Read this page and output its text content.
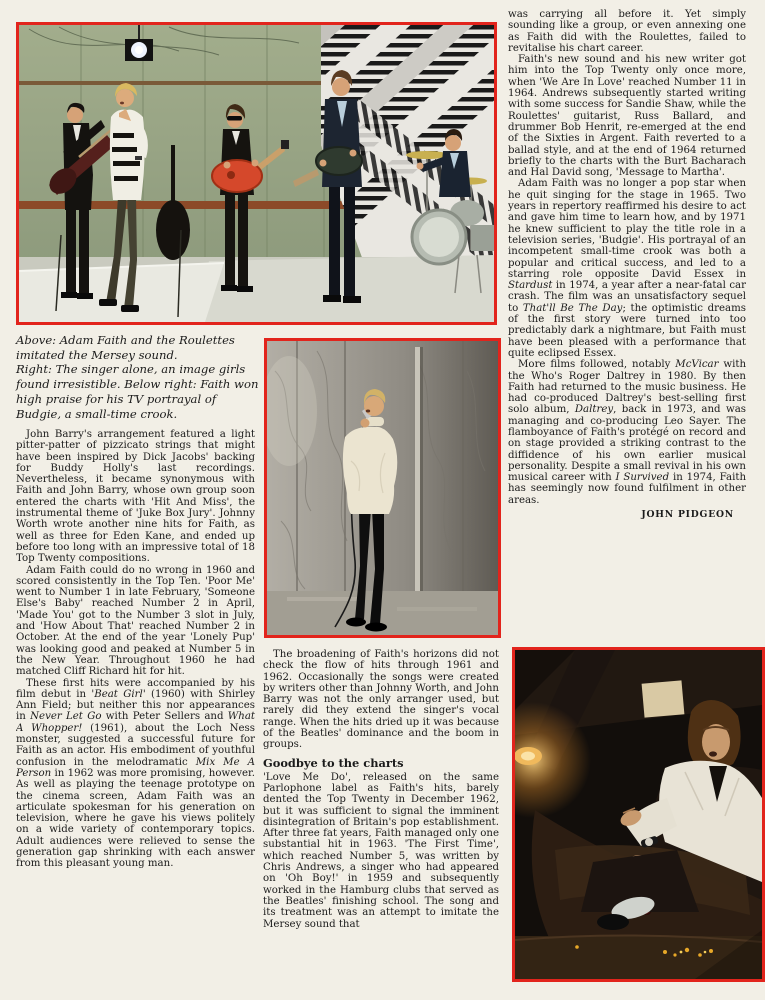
Above: Adam Faith and the Roulettes imitated the Mersey sound.

Right: The singer alone, an image girls found irresistible. Below right: Faith won high praise for his TV portrayal of Budgie, a small-time crook.

John Barry's arrangement featured a light pitter-patter of pizzicato strings that might have been inspired by Dick Jacobs' backing for Buddy Holly's last recordings. Nevertheless, it became synonymous with Faith and John Barry, whose own group soon entered the charts with 'Hit And Miss', the instrumental theme of 'Juke Box Jury'. Johnny Worth wrote another nine hits for Faith, as well as three for Eden Kane, and ended up before too long with an impressive total of 18 Top Twenty compositions.

Adam Faith could do no wrong in 1960 and scored consistently in the Top Ten. 'Poor Me' went to Number 1 in late February, 'Someone Else's Baby' reached Number 2 in April, 'Made You' got to the Number 3 slot in July, and 'How About That' reached Number 2 in October. At the end of the year 'Lonely Pup' was looking good and peaked at Number 5 in the New Year. Throughout 1960 he had matched Cliff Richard hit for hit.

These first hits were accompanied by his film debut in 'Beat Girl' (1960) with Shirley Ann Field; but neither this nor appearances in Never Let Go with Peter Sellers and What A Whopper! (1961), about the Loch Ness monster, suggested a successful future for Faith as an actor. His embodiment of youthful confusion in the melodramatic Mix Me A Person in 1962 was more promising, however. As well as playing the teenage prototype on the cinema screen, Adam Faith was an articulate spokesman for his generation on television, where he gave his views politely on a wide variety of contemporary topics. Adult audiences were relieved to sense the generation gap shrinking with each answer from this pleasant young man.

The broadening of Faith's horizons did not check the flow of hits through 1961 and 1962. Occasionally the songs were created by writers other than Johnny Worth, and John Barry was not the only arranger used, but rarely did they extend the singer's vocal range. When the hits dried up it was because of the Beatles' dominance and the boom in groups.

Goodbye to the charts

'Love Me Do', released on the same Parlophone label as Faith's hits, barely dented the Top Twenty in December 1962, but it was sufficient to signal the imminent disintegration of Britain's pop establishment. After three fat years, Faith managed only one substantial hit in 1963. 'The First Time', which reached Number 5, was written by Chris Andrews, a singer who had appeared on 'Oh Boy!' in 1959 and subsequently worked in the Hamburg clubs that served as the Beatles' finishing school. The song and its treatment was an attempt to imitate the Mersey sound that

was carrying all before it. Yet simply sounding like a group, or even annexing one as Faith did with the Roulettes, failed to revitalise his chart career.

Faith's new sound and his new writer got him into the Top Twenty only once more, when 'We Are In Love' reached Number 11 in 1964. Andrews subsequently started writing with some success for Sandie Shaw, while the Roulettes' guitarist, Russ Ballard, and drummer Bob Henrit, re-emerged at the end of the Sixties in Argent. Faith reverted to a ballad style, and at the end of 1964 returned briefly to the charts with the Burt Bacharach and Hal David song, 'Message to Martha'.

Adam Faith was no longer a pop star when he quit singing for the stage in 1965. Two years in repertory reaffirmed his desire to act and gave him time to learn how, and by 1971 he knew sufficient to play the title role in a television series, 'Budgie'. His portrayal of an incompetent small-time crook was both a popular and critical success, and led to a starring role opposite David Essex in Stardust in 1974, a year after a near-fatal car crash. The film was an unsatisfactory sequel to That'll Be The Day; the optimistic dreams of the first story were turned into too predictably dark a nightmare, but Faith must have been pleased with a performance that quite eclipsed Essex.

More films followed, notably McVicar with the Who's Roger Daltrey in 1980. By then Faith had returned to the music business. He had co-produced Daltrey's best-selling first solo album, Daltrey, back in 1973, and was managing and co-producing Leo Sayer. The flamboyance of Faith's protégé on record and on stage provided a striking contrast to the diffidence of his own earlier musical personality. Despite a small revival in his own musical career with I Survived in 1974, Faith has seemingly now found fulfilment in other areas.

JOHN PIDGEON
